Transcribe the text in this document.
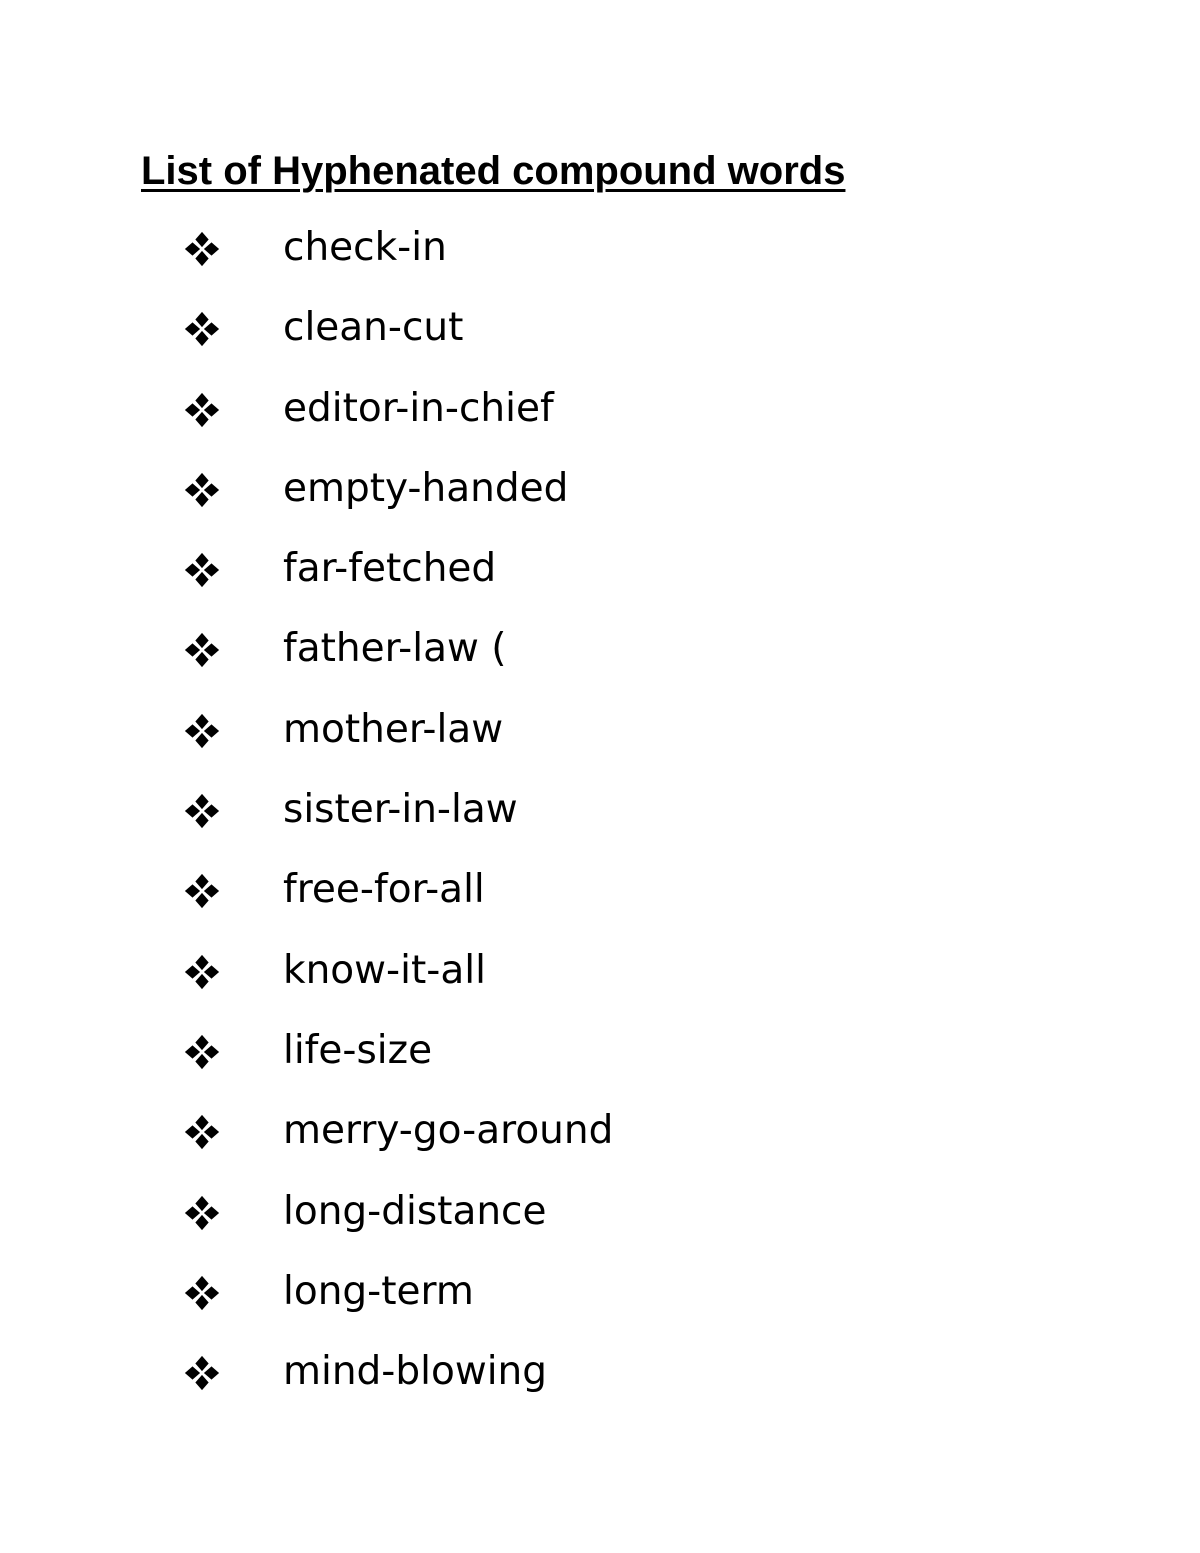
List of Hyphenated compound words
check-in
clean-cut
editor-in-chief
empty-handed
far-fetched
father-law (
mother-law
sister-in-law
free-for-all
know-it-all
life-size
merry-go-around
long-distance
long-term
mind-blowing
